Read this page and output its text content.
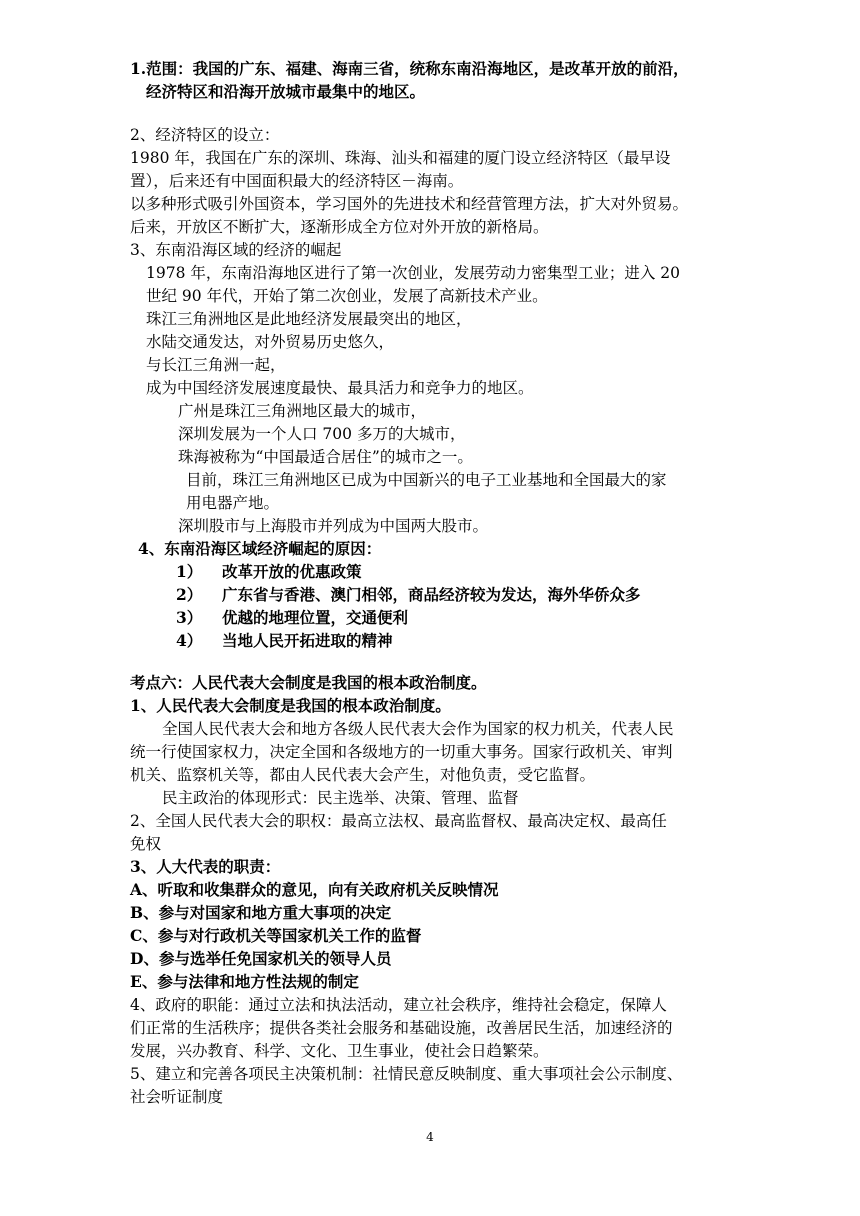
1.范围：我国的广东、福建、海南三省，统称东南沿海地区，是改革开放的前沿，
经济特区和沿海开放城市最集中的地区。
2、经济特区的设立：
1980 年，我国在广东的深圳、珠海、汕头和福建的厦门设立经济特区（最早设
置），后来还有中国面积最大的经济特区－海南。
以多种形式吸引外国资本，学习国外的先进技术和经营管理方法，扩大对外贸易。
后来，开放区不断扩大，逐渐形成全方位对外开放的新格局。
3、东南沿海区域的经济的崛起
1978 年，东南沿海地区进行了第一次创业，发展劳动力密集型工业；进入 20
世纪 90 年代，开始了第二次创业，发展了高新技术产业。
珠江三角洲地区是此地经济发展最突出的地区，
水陆交通发达，对外贸易历史悠久，
与长江三角洲一起，
成为中国经济发展速度最快、最具活力和竞争力的地区。
广州是珠江三角洲地区最大的城市，
深圳发展为一个人口 700 多万的大城市，
珠海被称为“中国最适合居住”的城市之一。
目前，珠江三角洲地区已成为中国新兴的电子工业基地和全国最大的家
用电器产地。
深圳股市与上海股市并列成为中国两大股市。
4、东南沿海区域经济崛起的原因：
1） 改革开放的优惠政策
2） 广东省与香港、澳门相邻，商品经济较为发达，海外华侨众多
3） 优越的地理位置，交通便利
4） 当地人民开拓进取的精神
考点六：人民代表大会制度是我国的根本政治制度。
1、人民代表大会制度是我国的根本政治制度。
全国人民代表大会和地方各级人民代表大会作为国家的权力机关，代表人民
统一行使国家权力，决定全国和各级地方的一切重大事务。国家行政机关、审判
机关、监察机关等，都由人民代表大会产生，对他负责，受它监督。
民主政治的体现形式：民主选举、决策、管理、监督
2、全国人民代表大会的职权：最高立法权、最高监督权、最高决定权、最高任
免权
3、人大代表的职责：
A、听取和收集群众的意见，向有关政府机关反映情况
B、参与对国家和地方重大事项的决定
C、参与对行政机关等国家机关工作的监督
D、参与选举任免国家机关的领导人员
E、参与法律和地方性法规的制定
4、政府的职能：通过立法和执法活动，建立社会秩序，维持社会稳定，保障人
们正常的生活秩序；提供各类社会服务和基础设施，改善居民生活，加速经济的
发展，兴办教育、科学、文化、卫生事业，使社会日趋繁荣。
5、建立和完善各项民主决策机制：社情民意反映制度、重大事项社会公示制度、
社会听证制度
4
